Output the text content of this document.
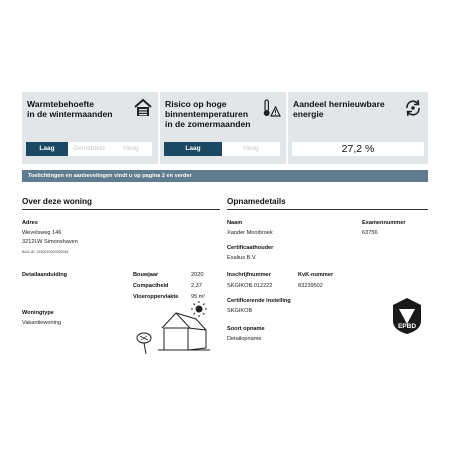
Warmtebehoefte
in de wintermaanden
Laag	Gemiddeld	Hoog
Risico op hoge
binnentemperaturen
in de zomermaanden
Laag	Hoog
Aandeel hernieuwbare
energie
27,2 %
Toelichtingen en aanbevelingen vindt u op pagina 2 en verder
Over deze woning
Adres
Wevelsweg 146
3212LW Simonshaven
BAG-ID: 1930010000209048
Detailaanduiding	Bouwjaar	2020
Compactheid	2,37
Vloeroppervlakte 95 m²
Woningtype
Vakantiewoning
Opnamedetails
Naam
Xander Mooibroek
Examennummer
63756
Certificaathouder
Exalius B.V.
Inschrijfnummer
SKGIKOB.012222
KvK-nummer
83239502
Certificerende instelling
SKGIKOB
Soort opname
Detailopname
EPBD
